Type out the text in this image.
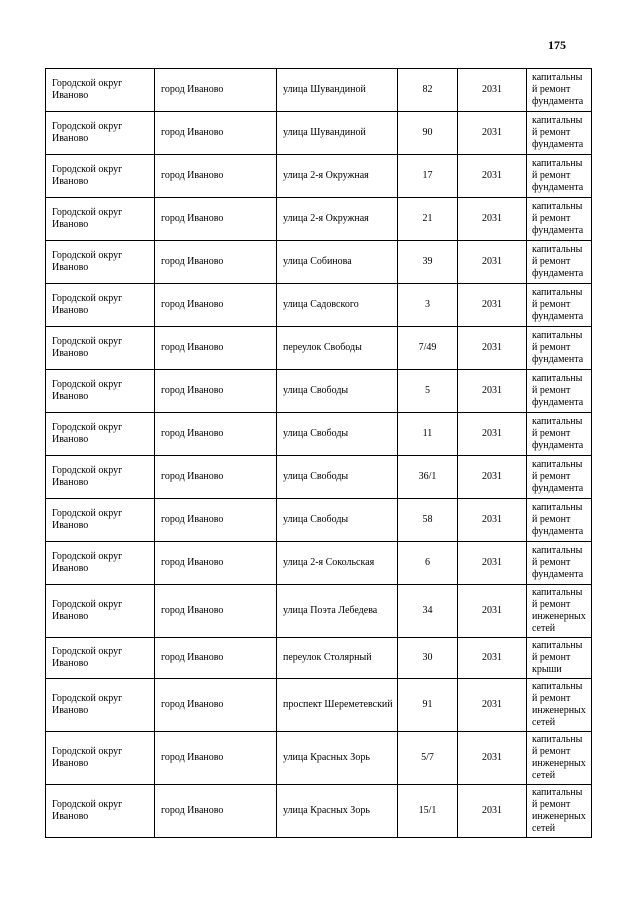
175
Городской округ Иваново	город Иваново	улица Шувандиной	82	2031	капитальный ремонт фундамента
Городской округ Иваново	город Иваново	улица Шувандиной	90	2031	капитальный ремонт фундамента
Городской округ Иваново	город Иваново	улица 2-я Окружная	17	2031	капитальный ремонт фундамента
Городской округ Иваново	город Иваново	улица 2-я Окружная	21	2031	капитальный ремонт фундамента
Городской округ Иваново	город Иваново	улица Собинова	39	2031	капитальный ремонт фундамента
Городской округ Иваново	город Иваново	улица Садовского	3	2031	капитальный ремонт фундамента
Городской округ Иваново	город Иваново	переулок Свободы	7/49	2031	капитальный ремонт фундамента
Городской округ Иваново	город Иваново	улица Свободы	5	2031	капитальный ремонт фундамента
Городской округ Иваново	город Иваново	улица Свободы	11	2031	капитальный ремонт фундамента
Городской округ Иваново	город Иваново	улица Свободы	36/1	2031	капитальный ремонт фундамента
Городской округ Иваново	город Иваново	улица Свободы	58	2031	капитальный ремонт фундамента
Городской округ Иваново	город Иваново	улица 2-я Сокольская	6	2031	капитальный ремонт фундамента
Городской округ Иваново	город Иваново	улица Поэта Лебедева	34	2031	капитальный ремонт инженерных сетей
Городской округ Иваново	город Иваново	переулок Столярный	30	2031	капитальный ремонт крыши
Городской округ Иваново	город Иваново	проспект Шереметевский	91	2031	капитальный ремонт инженерных сетей
Городской округ Иваново	город Иваново	улица Красных Зорь	5/7	2031	капитальный ремонт инженерных сетей
Городской округ Иваново	город Иваново	улица Красных Зорь	15/1	2031	капитальный ремонт инженерных сетей
